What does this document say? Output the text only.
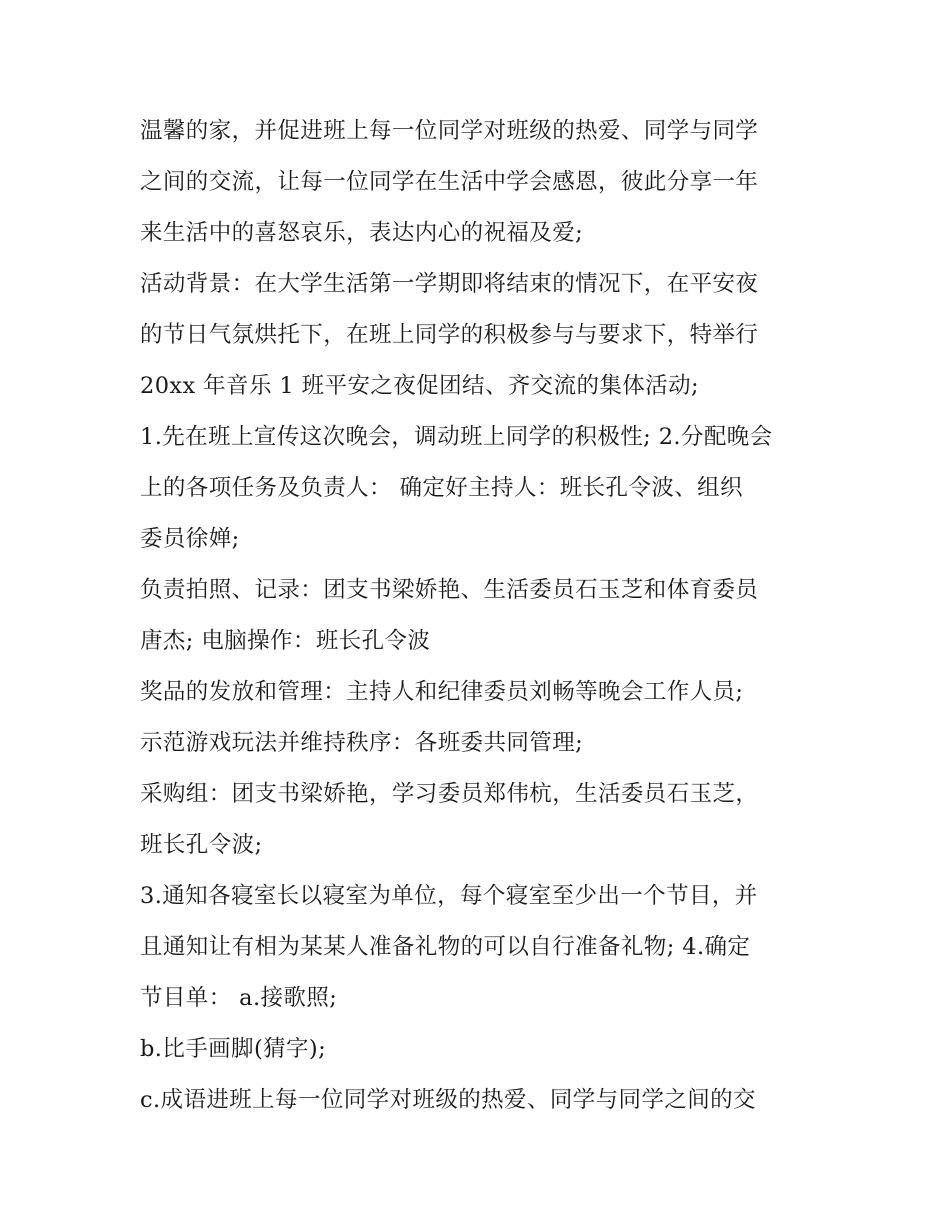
温馨的家，并促进班上每一位同学对班级的热爱、同学与同学
之间的交流，让每一位同学在生活中学会感恩，彼此分享一年
来生活中的喜怒哀乐，表达内心的祝福及爱;
活动背景：在大学生活第一学期即将结束的情况下，在平安夜
的节日气氛烘托下，在班上同学的积极参与与要求下，特举行
20xx 年音乐 1 班平安之夜促团结、齐交流的集体活动;
1.先在班上宣传这次晚会，调动班上同学的积极性; 2.分配晚会
上的各项任务及负责人： 确定好主持人：班长孔令波、组织
委员徐婵;
负责拍照、记录：团支书梁娇艳、生活委员石玉芝和体育委员
唐杰; 电脑操作：班长孔令波
奖品的发放和管理：主持人和纪律委员刘畅等晚会工作人员;
示范游戏玩法并维持秩序：各班委共同管理;
采购组：团支书梁娇艳，学习委员郑伟杭，生活委员石玉芝，
班长孔令波;
3.通知各寝室长以寝室为单位，每个寝室至少出一个节目，并
且通知让有相为某某人准备礼物的可以自行准备礼物; 4.确定
节目单： a.接歌照;
b.比手画脚(猜字);
c.成语进班上每一位同学对班级的热爱、同学与同学之间的交
